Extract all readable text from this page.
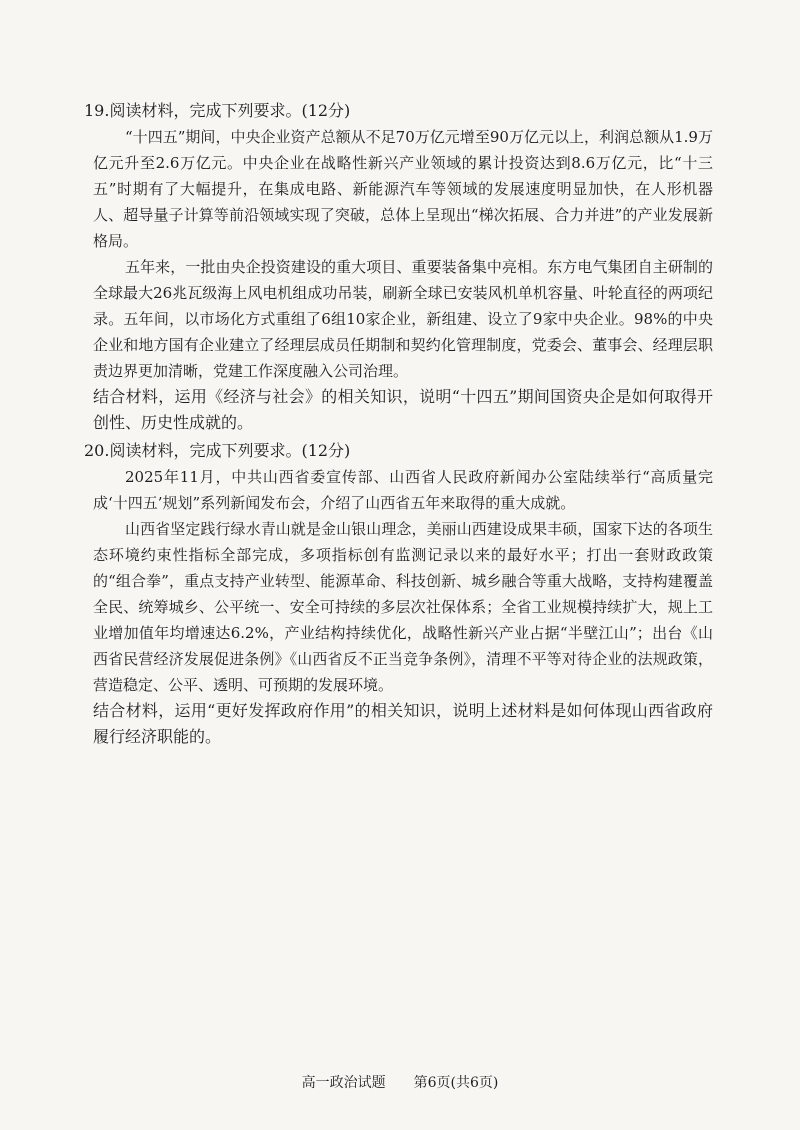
19.阅读材料，完成下列要求。(12分)

“十四五”期间，中央企业资产总额从不足70万亿元增至90万亿元以上，利润总额从1.9万亿元升至2.6万亿元。中央企业在战略性新兴产业领域的累计投资达到8.6万亿元，比“十三五”时期有了大幅提升，在集成电路、新能源汽车等领域的发展速度明显加快，在人形机器人、超导量子计算等前沿领域实现了突破，总体上呈现出“梯次拓展、合力并进”的产业发展新格局。

五年来，一批由央企投资建设的重大项目、重要装备集中亮相。东方电气集团自主研制的全球最大26兆瓦级海上风电机组成功吊装，刷新全球已安装风机单机容量、叶轮直径的两项纪录。五年间，以市场化方式重组了6组10家企业，新组建、设立了9家中央企业。98%的中央企业和地方国有企业建立了经理层成员任期制和契约化管理制度，党委会、董事会、经理层职责边界更加清晰，党建工作深度融入公司治理。

结合材料，运用《经济与社会》的相关知识，说明“十四五”期间国资央企是如何取得开创性、历史性成就的。

20.阅读材料，完成下列要求。(12分)

2025年11月，中共山西省委宣传部、山西省人民政府新闻办公室陆续举行“高质量完成‘十四五’规划”系列新闻发布会，介绍了山西省五年来取得的重大成就。

山西省坚定践行绿水青山就是金山银山理念，美丽山西建设成果丰硕，国家下达的各项生态环境约束性指标全部完成，多项指标创有监测记录以来的最好水平；打出一套财政政策的“组合拳”，重点支持产业转型、能源革命、科技创新、城乡融合等重大战略，支持构建覆盖全民、统筹城乡、公平统一、安全可持续的多层次社保体系；全省工业规模持续扩大，规上工业增加值年均增速达6.2%，产业结构持续优化，战略性新兴产业占据“半壁江山”；出台《山西省民营经济发展促进条例》《山西省反不正当竞争条例》，清理不平等对待企业的法规政策，营造稳定、公平、透明、可预期的发展环境。

结合材料，运用“更好发挥政府作用”的相关知识，说明上述材料是如何体现山西省政府履行经济职能的。

高一政治试题 第6页(共6页)
